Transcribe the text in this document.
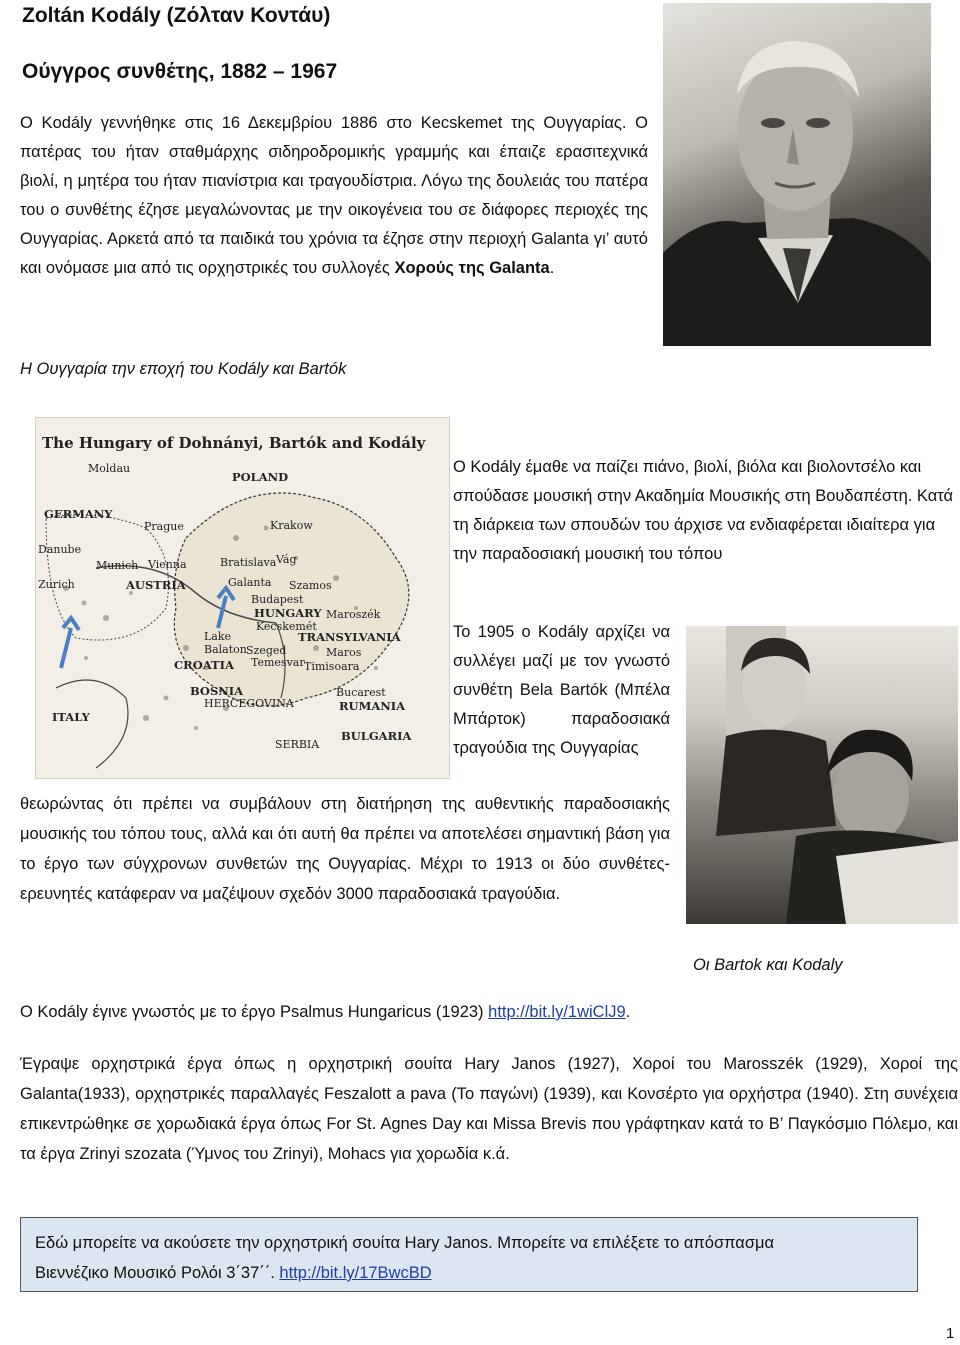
Zoltán Kodály (Ζόλταν Κοντάυ)
Ούγγρος συνθέτης, 1882 – 1967
Ο Kodály γεννήθηκε στις 16 Δεκεμβρίου 1886 στο Kecskemet της Ουγγαρίας. Ο πατέρας του ήταν σταθμάρχης σιδηροδρομικής γραμμής και έπαιζε ερασιτεχνικά βιολί, η μητέρα του ήταν πιανίστρια και τραγουδίστρια. Λόγω της δουλειάς του πατέρα του ο συνθέτης έζησε μεγαλώνοντας με την οικογένεια του σε διάφορες περιοχές της Ουγγαρίας. Αρκετά από τα παιδικά του χρόνια τα έζησε στην περιοχή Galanta γι’ αυτό και ονόμασε μια από τις ορχηστρικές του συλλογές Χορούς της Galanta.
Η Ουγγαρία την εποχή του Kodály και Bartók
The Hungary of Dohnányi, Bartók and Kodály
Moldau
POLAND
GERMANY
Prague	Krakow
Danube
Munich Vienna	Vág
Bratislava
Zurich	AUSTRIA	Galanta Szamos
Budapest
HUNGARY Maroszék
Kecskemét
TRANSYLVANIA
Lake
Balaton Szeged	Maros
CROATIA Temesvar Timisoara
BOSNIA	Bucarest
HERCEGOVINA	RUMANIA
ITALY
SERBIA
BULGARIA
Ο Kodály έμαθε να παίζει πιάνο, βιολί, βιόλα και βιολοντσέλο και σπούδασε μουσική στην Ακαδημία Μουσικής στη Βουδαπέστη. Κατά τη διάρκεια των σπουδών του άρχισε να ενδιαφέρεται ιδιαίτερα για την παραδοσιακή μουσική του τόπου
Το 1905 ο Kodály αρχίζει να συλλέγει μαζί με τον γνωστό συνθέτη Bela Bartók (Μπέλα Μπάρτοκ) παραδοσιακά τραγούδια της Ουγγαρίας
θεωρώντας ότι πρέπει να συμβάλουν στη διατήρηση της αυθεντικής παραδοσιακής μουσικής του τόπου τους, αλλά και ότι αυτή θα πρέπει να αποτελέσει σημαντική βάση για το έργο των σύγχρονων συνθετών της Ουγγαρίας. Μέχρι το 1913 οι δύο συνθέτες-ερευνητές κατάφεραν να μαζέψουν σχεδόν 3000 παραδοσιακά τραγούδια.
Οι Bartok και Kodaly
Ο Kodály έγινε γνωστός με το έργο Psalmus Hungaricus (1923) http://bit.ly/1wiClJ9.
Έγραψε ορχηστρικά έργα όπως η ορχηστρική σουίτα Hary Janos (1927), Χοροί του Marosszék (1929), Χοροί της Galanta(1933), ορχηστρικές παραλλαγές Feszalott a pava (Το παγώνι) (1939), και Κονσέρτο για ορχήστρα (1940). Στη συνέχεια επικεντρώθηκε σε χορωδιακά έργα όπως For St. Agnes Day και Missa Brevis που γράφτηκαν κατά το Β’ Παγκόσμιο Πόλεμο, και τα έργα Zrinyi szozata (Ύμνος του Zrinyi), Mohacs για χορωδία κ.ά.
Εδώ μπορείτε να ακούσετε την ορχηστρική σουίτα Hary Janos. Μπορείτε να επιλέξετε το απόσπασμα
Βιεννέζικο Μουσικό Ρολόι 3΄37΄΄. http://bit.ly/17BwcBD
1
